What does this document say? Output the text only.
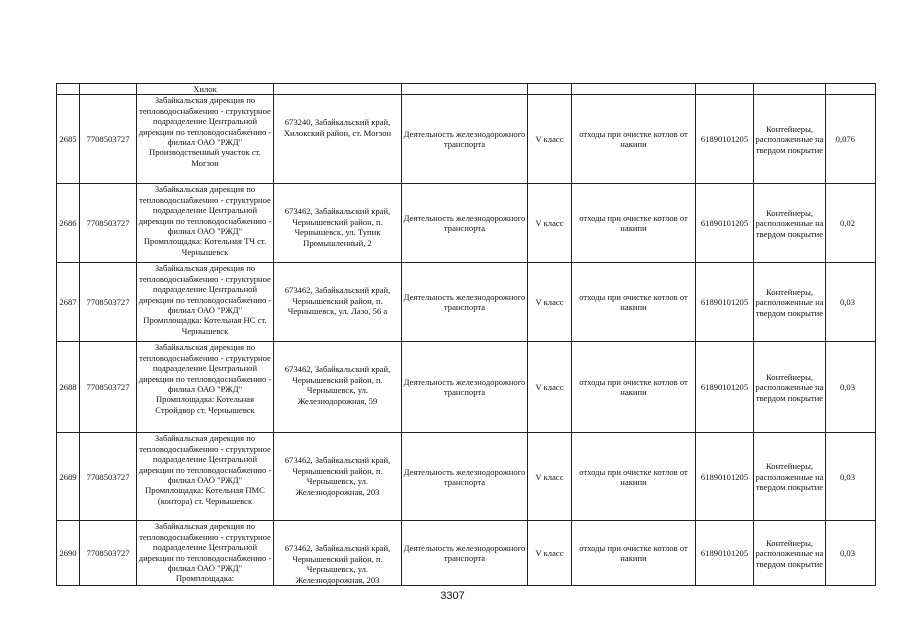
		Хилок							
2685	7708503727	Забайкальская дирекция по тепловодоснабжению - структурное подразделение Центральной дирекции по тепловодоснабжению - филиал ОАО "РЖД" Производственный участок ст. Могзон	673240, Забайкальский край, Хилокский район, ст. Могзон	Деятельность железнодорожного транспорта	V класс	отходы при очистке котлов от накипи	61890101205	Контейнеры, расположенные на твердом покрытие	0,076
2686	7708503727	Забайкальская дирекция по тепловодоснабжению - структурное подразделение Центральной дирекции по тепловодоснабжению - филиал ОАО "РЖД" Промплощадка: Котельная ТЧ ст. Чернышевск	673462, Забайкальский край, Чернышевский район, п. Чернышевск, ул. Тупик Промышленный, 2	Деятельность железнодорожного транспорта	V класс	отходы при очистке котлов от накипи	61890101205	Контейнеры, расположенные на твердом покрытие	0,02
2687	7708503727	Забайкальская дирекция по тепловодоснабжению - структурное подразделение Центральной дирекции по тепловодоснабжению - филиал ОАО "РЖД" Промплощадка: Котельная НС ст. Чернышевск	673462, Забайкальский край, Чернышевский район, п. Чернышевск, ул. Лазо, 56 а	Деятельность железнодорожного транспорта	V класс	отходы при очистке котлов от накипи	61890101205	Контейнеры, расположенные на твердом покрытие	0,03
2688	7708503727	Забайкальская дирекция по тепловодоснабжению - структурное подразделение Центральной дирекции по тепловодоснабжению - филиал ОАО "РЖД" Промплощадка: Котельная Стройдвор ст. Чернышевск	673462, Забайкальский край, Чернышевский район, п. Чернышевск, ул. Железнодорожная, 59	Деятельность железнодорожного транспорта	V класс	отходы при очистке котлов от накипи	61890101205	Контейнеры, расположенные на твердом покрытие	0,03
2689	7708503727	Забайкальская дирекция по тепловодоснабжению - структурное подразделение Центральной дирекции по тепловодоснабжению - филиал ОАО "РЖД" Промплощадка: Котельная ПМС (контора) ст. Чернышевск	673462, Забайкальский край, Чернышевский район, п. Чернышевск, ул. Железнодорожная, 203	Деятельность железнодорожного транспорта	V класс	отходы при очистке котлов от накипи	61890101205	Контейнеры, расположенные на твердом покрытие	0,03
2690	7708503727	Забайкальская дирекция по тепловодоснабжению - структурное подразделение Центральной дирекции по тепловодоснабжению - филиал ОАО "РЖД" Промплощадка:	673462, Забайкальский край, Чернышевский район, п. Чернышевск, ул. Железнодорожная, 203	Деятельность железнодорожного транспорта	V класс	отходы при очистке котлов от накипи	61890101205	Контейнеры, расположенные на твердом покрытие	0,03
3307
